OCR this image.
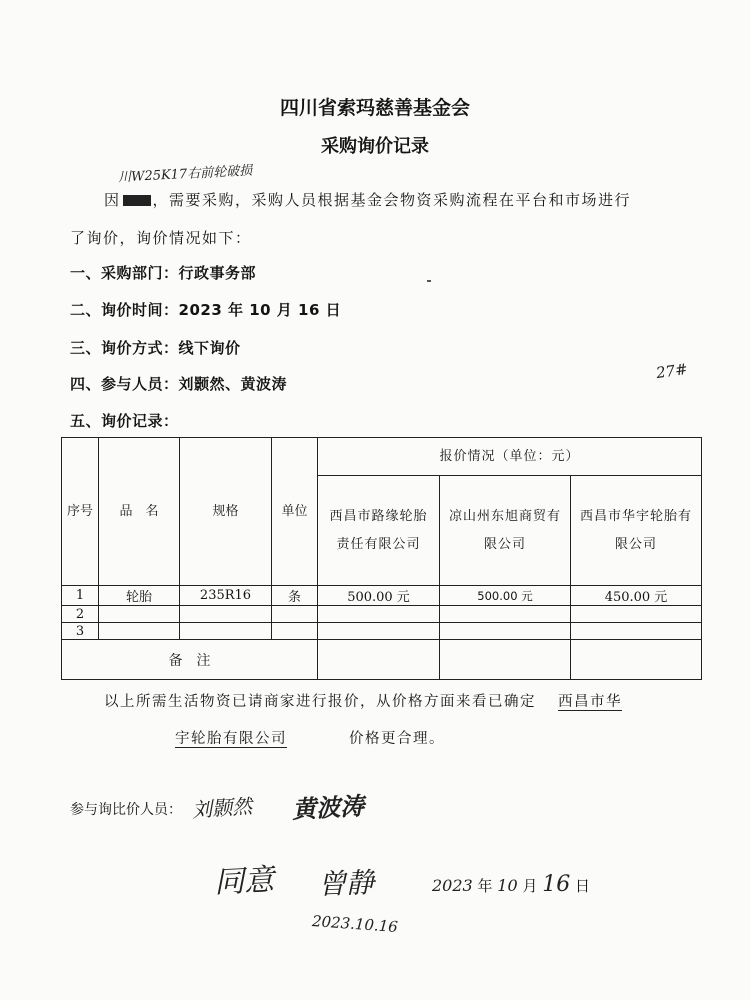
四川省索玛慈善基金会
采购询价记录
川W25K17右前轮破损
因 ，需要采购，采购人员根据基金会物资采购流程在平台和市场进行
了询价，询价情况如下：
一、采购部门：行政事务部
二、询价时间：2023 年 10 月 16 日
三、询价方式：线下询价
四、参与人员：刘颢然、黄波涛
五、询价记录：
27#
序号	品　名	规格	单位	报价情况（单位：元）		
				西昌市路缘轮胎责任有限公司	凉山州东旭商贸有限公司	西昌市华宇轮胎有限公司
1	轮胎	235R16	条	500.00 元	500.00 元	450.00 元
2						
3						
备　注						
以上所需生活物资已请商家进行报价，从价格方面来看已确定 西昌市华
宇轮胎有限公司	价格更合理。
参与询比价人员： 刘颢然 黄波涛
同意 曾静	2023 年 10 月 16 日
2023.10.16
